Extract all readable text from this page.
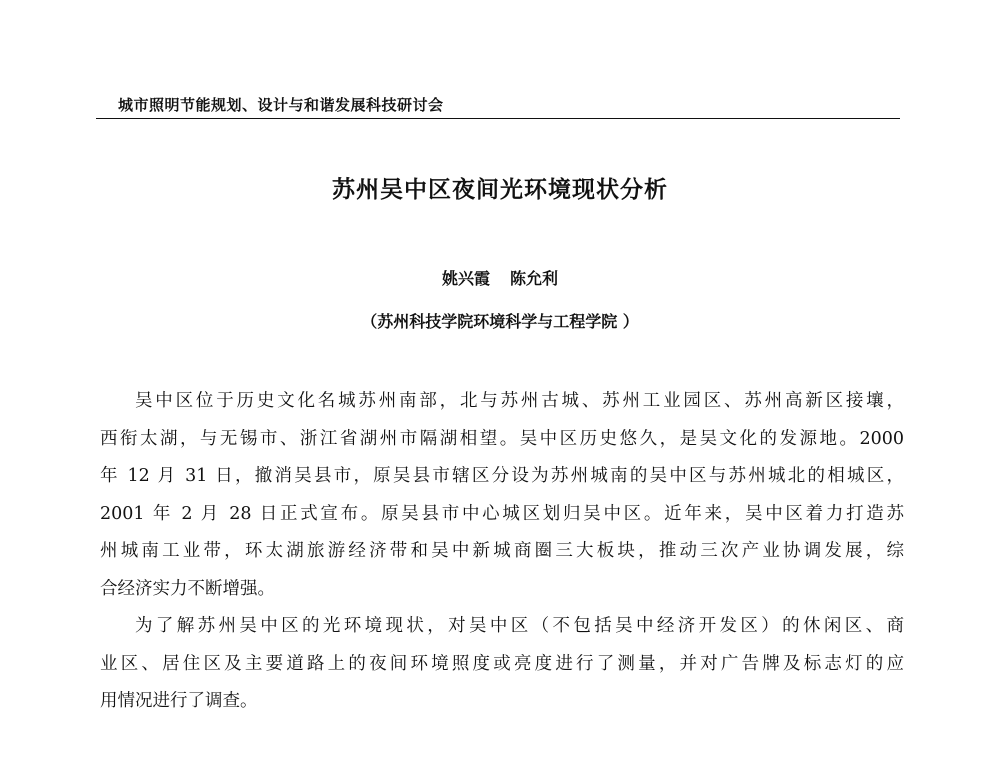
城市照明节能规划、设计与和谐发展科技研讨会
苏州吴中区夜间光环境现状分析
姚兴霞 陈允利
（苏州科技学院环境科学与工程学院 ）

吴中区位于历史文化名城苏州南部，北与苏州古城、苏州工业园区、苏州高新区接壤，
西衔太湖，与无锡市、浙江省湖州市隔湖相望。吴中区历史悠久，是吴文化的发源地。2000
年 12 月 31 日，撤消吴县市，原吴县市辖区分设为苏州城南的吴中区与苏州城北的相城区，
2001 年 2 月 28 日正式宣布。原吴县市中心城区划归吴中区。近年来，吴中区着力打造苏
州城南工业带，环太湖旅游经济带和吴中新城商圈三大板块，推动三次产业协调发展，综
合经济实力不断增强。

为了解苏州吴中区的光环境现状，对吴中区（不包括吴中经济开发区）的休闲区、商
业区、居住区及主要道路上的夜间环境照度或亮度进行了测量，并对广告牌及标志灯的应
用情况进行了调查。
